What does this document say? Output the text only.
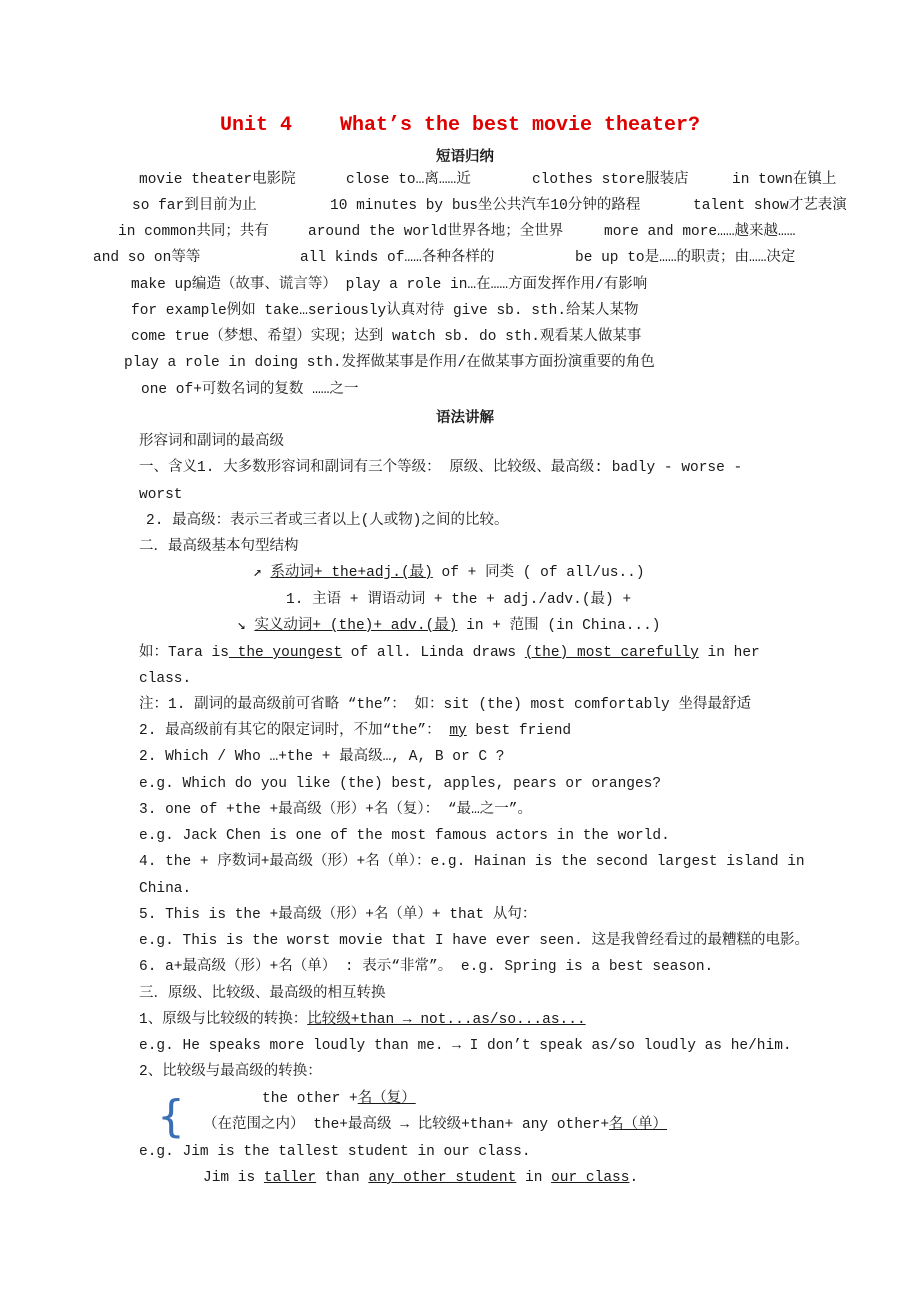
Unit 4    What’s the best movie theater?
短语归纳
movie theater电影院	close to…离……近	clothes store服装店	in town在镇上
so far到目前为止	10 minutes by bus坐公共汽车10分钟的路程	talent show才艺表演
in common共同；共有	around the world世界各地；全世界	more and more……越来越……
and so on等等	all kinds of……各种各样的	be up to是……的职责；由……决定
make up编造（故事、谎言等） play a role in…在……方面发挥作用/有影响
for example例如 take…seriously认真对待 give sb. sth.给某人某物
come true（梦想、希望）实现；达到 watch sb. do sth.观看某人做某事
play a role in doing sth.发挥做某事是作用/在做某事方面扮演重要的角色
one of+可数名词的复数 ……之一
语法讲解
形容词和副词的最高级
一、含义1. 大多数形容词和副词有三个等级： 原级、比较级、最高级: badly - worse -
worst
2. 最高级：表示三者或三者以上(人或物)之间的比较。
二．最高级基本句型结构
↗ 系动词+ the+adj.(最) of + 同类 ( of all/us..)
1. 主语 + 谓语动词 + the + adj./adv.(最) +
↘ 实义动词+ (the)+ adv.(最) in + 范围 (in China...)
如：Tara is the youngest of all. Linda draws (the) most carefully in her
class.
注：1. 副词的最高级前可省略 “the”： 如：sit (the) most comfortably 坐得最舒适
2. 最高级前有其它的限定词时，不加“the”： my best friend
2. Which / Who …+the + 最高级…, A, B or C ?
e.g. Which do you like (the) best, apples, pears or oranges?
3. one of +the +最高级（形）+名（复）： “最…之一”。
e.g. Jack Chen is one of the most famous actors in the world.
4. the + 序数词+最高级（形）+名（单）：e.g. Hainan is the second largest island in
China.
5. This is the +最高级（形）+名（单）+ that 从句：
e.g. This is the worst movie that I have ever seen. 这是我曾经看过的最糟糕的电影。
6. a+最高级（形）+名（单） : 表示“非常”。 e.g. Spring is a best season.
三．原级、比较级、最高级的相互转换
1、原级与比较级的转换：比较级+than → not...as/so...as...
e.g. He speaks more loudly than me. → I don’t speak as/so loudly as he/him.
2、比较级与最高级的转换：
{	the other +名（复）
（在范围之内） the+最高级 → 比较级+than+ any other+名（单）
e.g. Jim is the tallest student in our class.
Jim is taller than any other student in our class.
